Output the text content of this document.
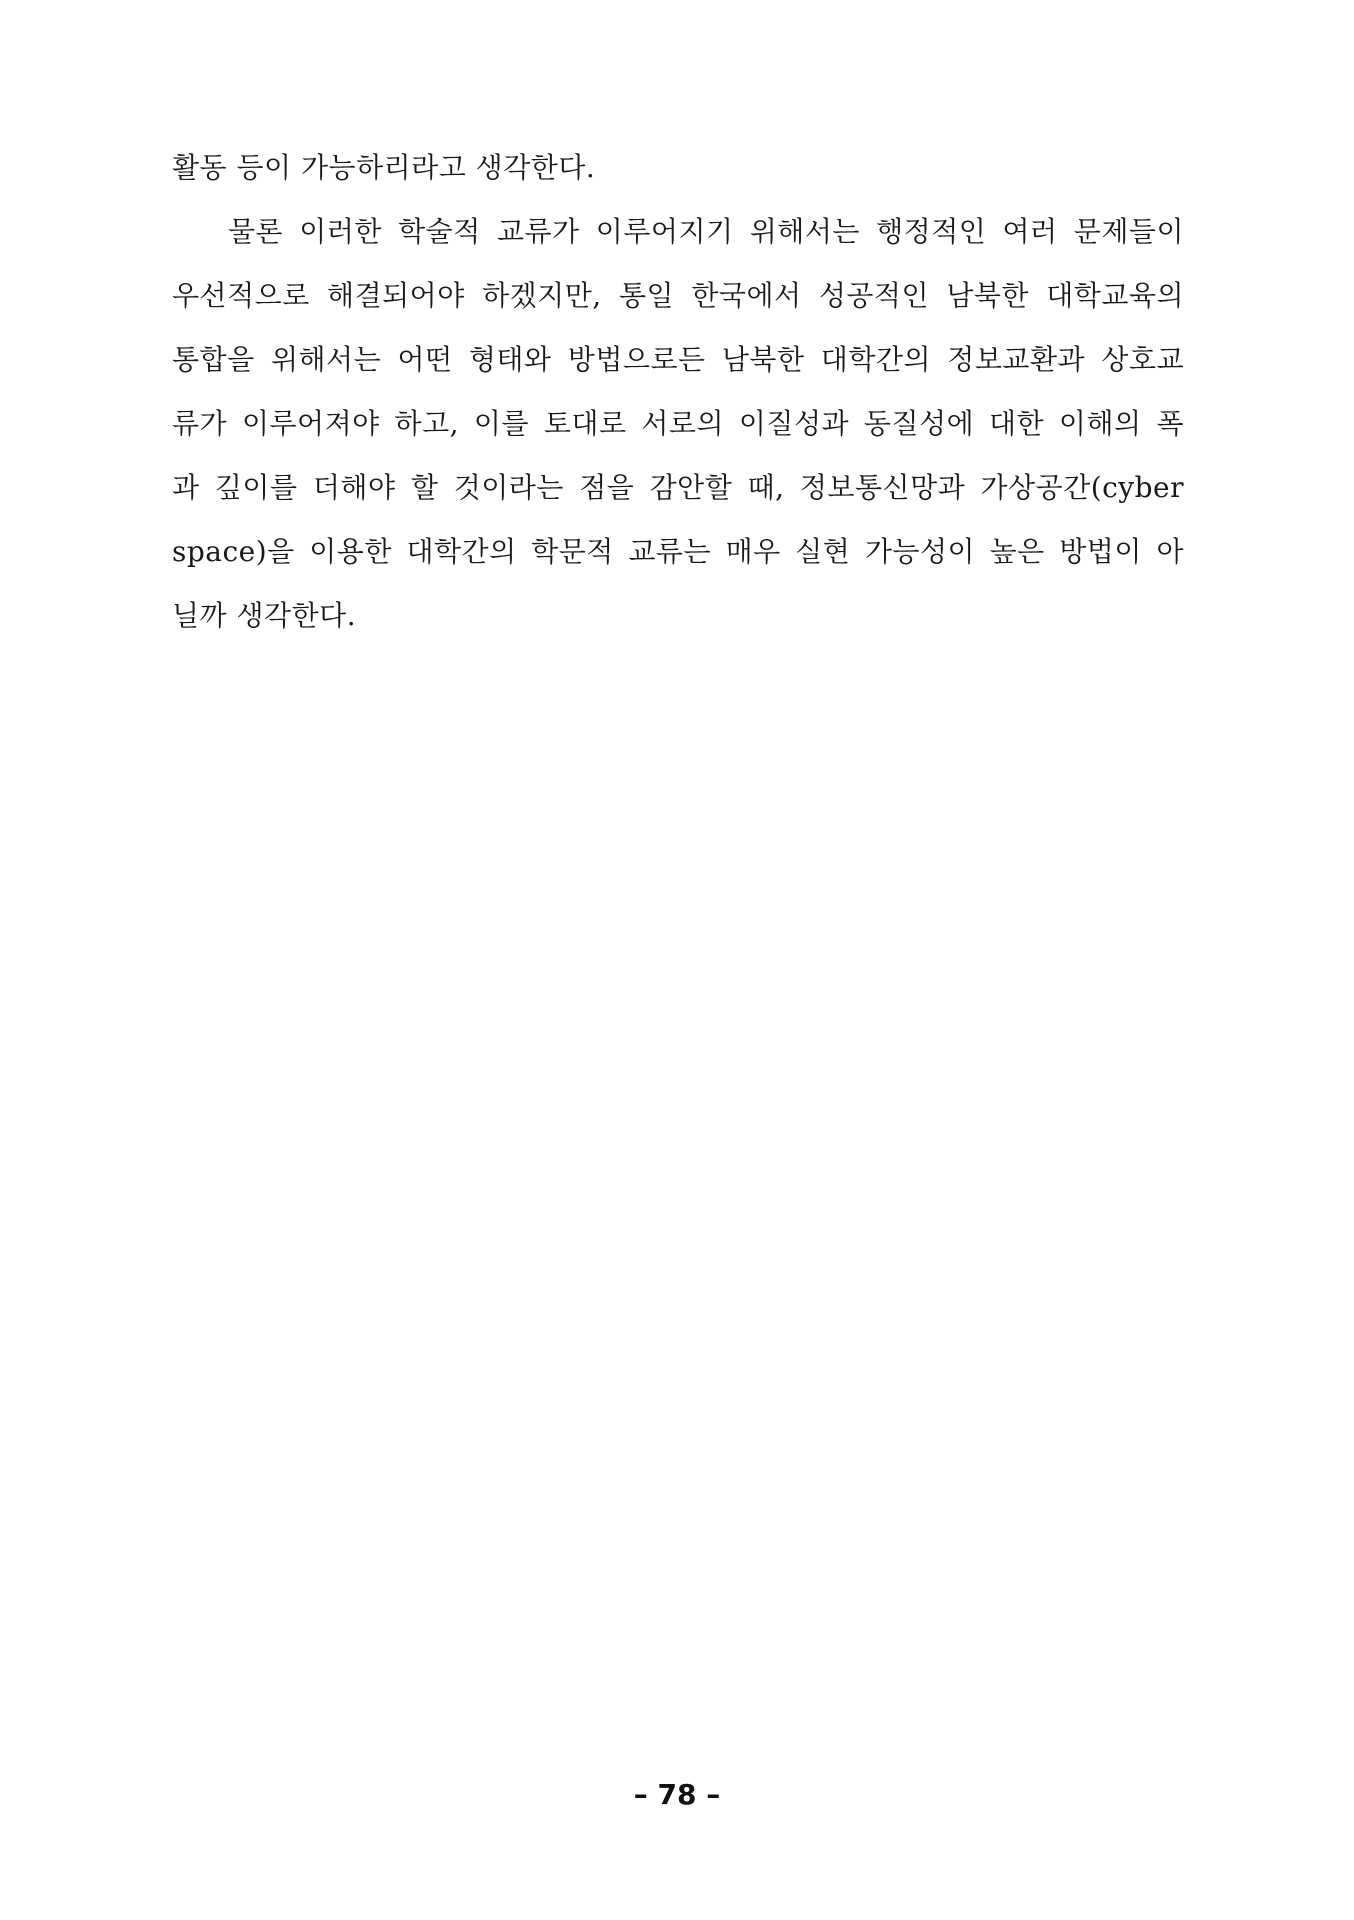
활동 등이 가능하리라고 생각한다.
물론 이러한 학술적 교류가 이루어지기 위해서는 행정적인 여러 문제들이
우선적으로 해결되어야 하겠지만, 통일 한국에서 성공적인 남북한 대학교육의
통합을 위해서는 어떤 형태와 방법으로든 남북한 대학간의 정보교환과 상호교
류가 이루어져야 하고, 이를 토대로 서로의 이질성과 동질성에 대한 이해의 폭
과 깊이를 더해야 할 것이라는 점을 감안할 때, 정보통신망과 가상공간(cyber
space)을 이용한 대학간의 학문적 교류는 매우 실현 가능성이 높은 방법이 아
닐까 생각한다.
– 78 –
